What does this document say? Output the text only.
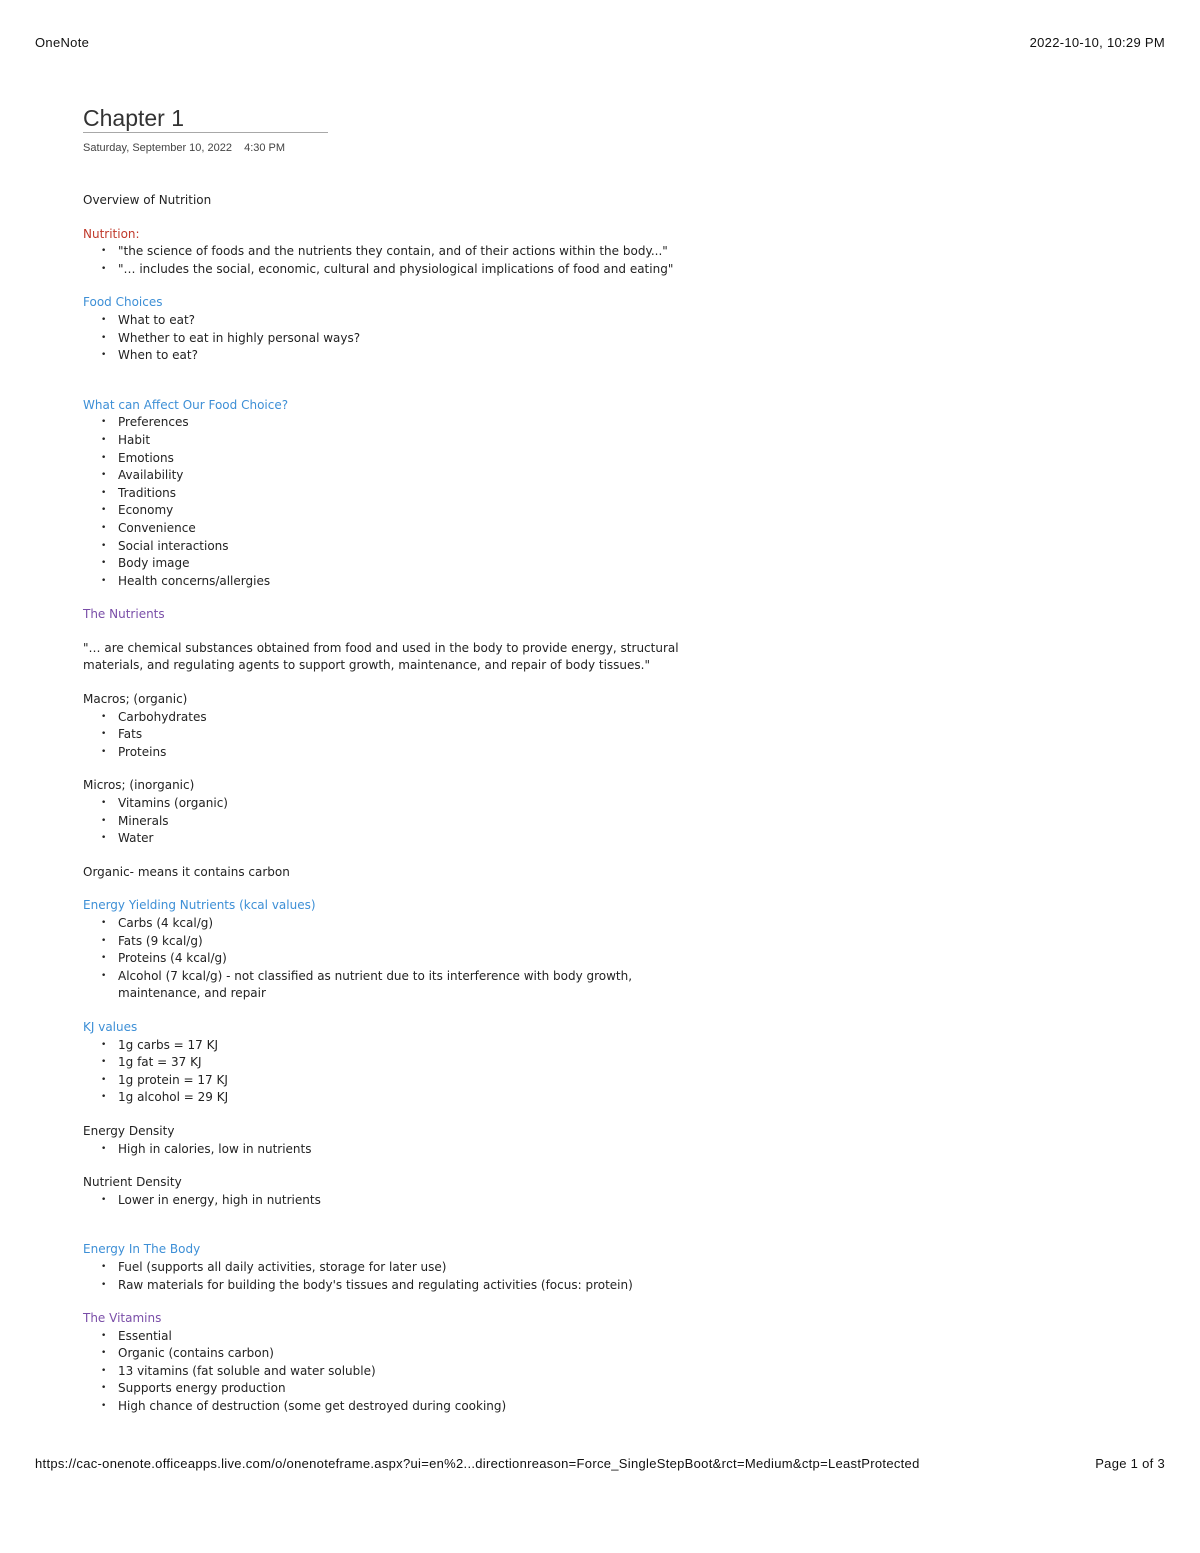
OneNote	2022-10-10, 10:29 PM
Chapter 1
Saturday, September 10, 2022 4:30 PM

Overview of Nutrition

Nutrition:

• "the science of foods and the nutrients they contain, and of their actions within the body..."
• "… includes the social, economic, cultural and physiological implications of food and eating"

Food Choices

• What to eat?
• Whether to eat in highly personal ways?
• When to eat?

What can Affect Our Food Choice?

• Preferences
• Habit
• Emotions
• Availability
• Traditions
• Economy
• Convenience
• Social interactions
• Body image
• Health concerns/allergies

The Nutrients

"… are chemical substances obtained from food and used in the body to provide energy, structural materials, and regulating agents to support growth, maintenance, and repair of body tissues."

Macros; (organic)

• Carbohydrates
• Fats
• Proteins

Micros; (inorganic)

• Vitamins (organic)
• Minerals
• Water

Organic- means it contains carbon

Energy Yielding Nutrients (kcal values)

• Carbs (4 kcal/g)
• Fats (9 kcal/g)
• Proteins (4 kcal/g)
• Alcohol (7 kcal/g) - not classified as nutrient due to its interference with body growth, maintenance, and repair

KJ values

• 1g carbs = 17 KJ
• 1g fat = 37 KJ
• 1g protein = 17 KJ
• 1g alcohol = 29 KJ

Energy Density

• High in calories, low in nutrients

Nutrient Density

• Lower in energy, high in nutrients

Energy In The Body

• Fuel (supports all daily activities, storage for later use)
• Raw materials for building the body's tissues and regulating activities (focus: protein)

The Vitamins

• Essential
• Organic (contains carbon)
• 13 vitamins (fat soluble and water soluble)
• Supports energy production
• High chance of destruction (some get destroyed during cooking)
https://cac-onenote.officeapps.live.com/o/onenoteframe.aspx?ui=en%2...directionreason=Force_SingleStepBoot&rct=Medium&ctp=LeastProtected	Page 1 of 3
